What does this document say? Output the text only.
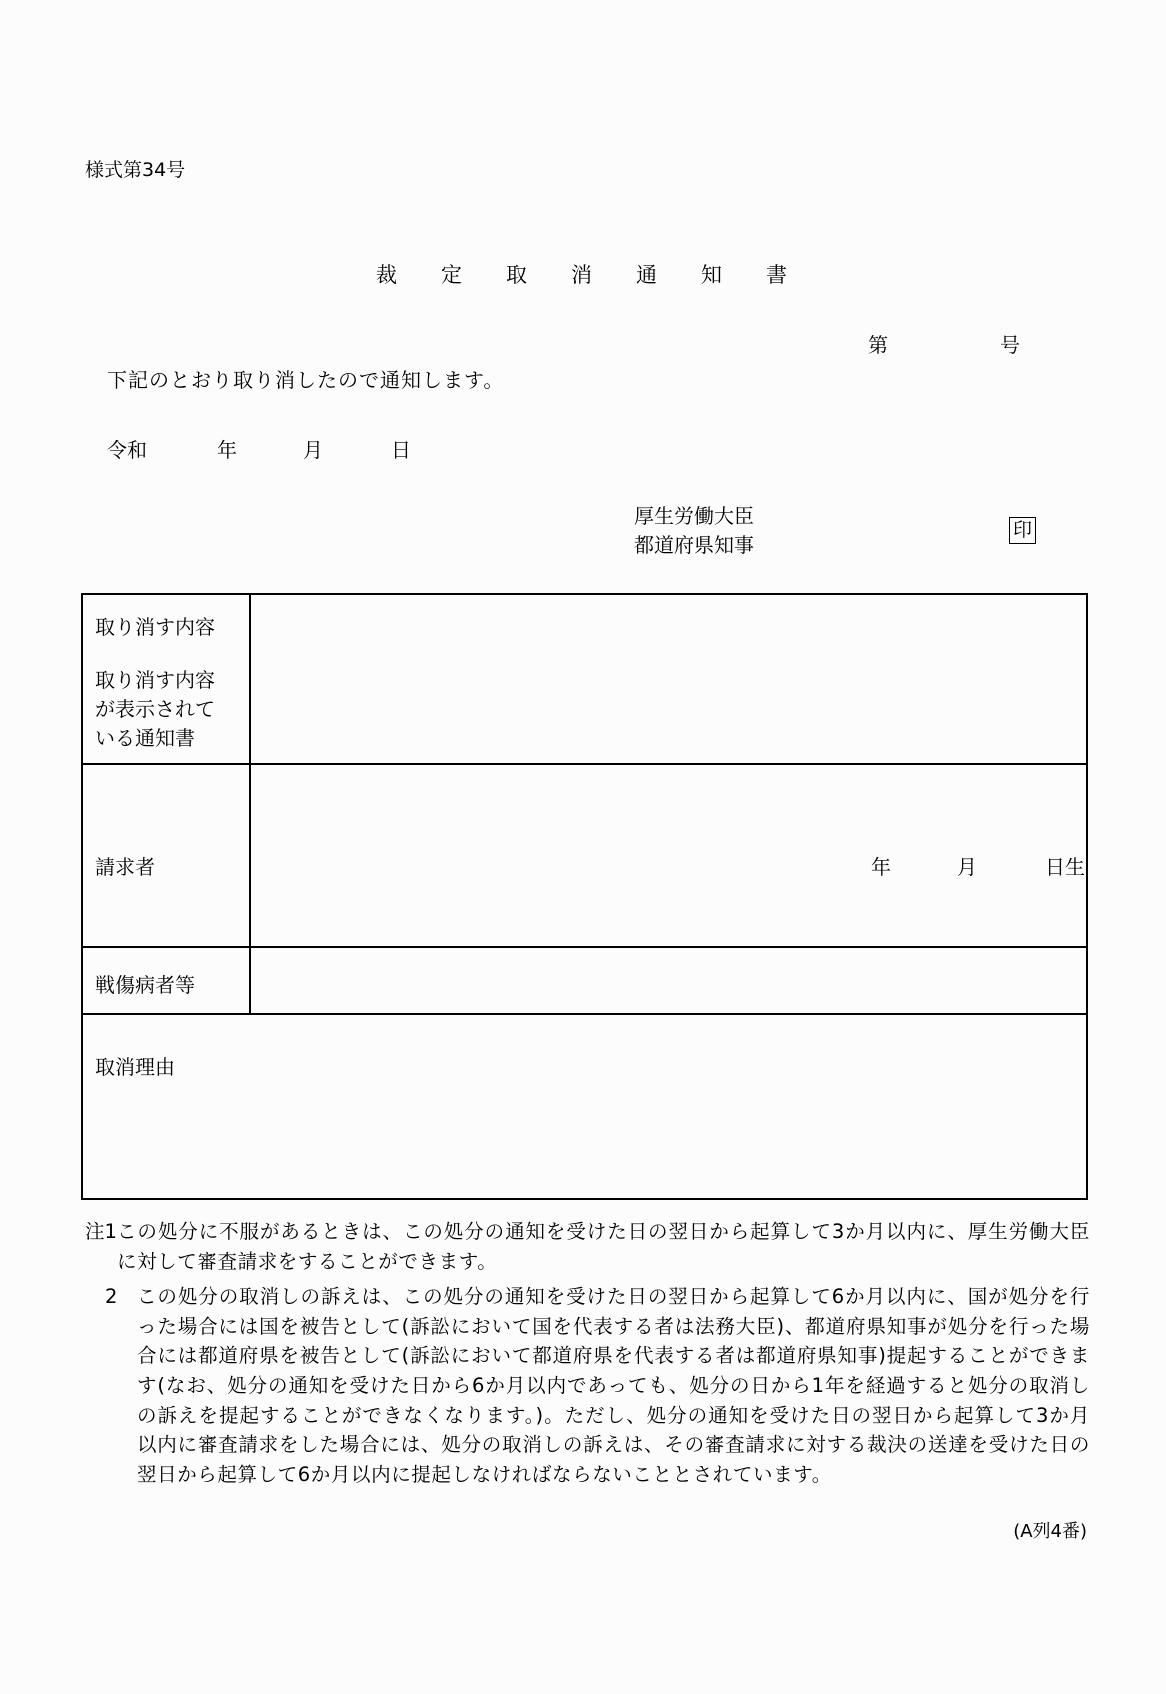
様式第34号
裁	定	取	消	通	知	書
第	号
下記のとおり取り消したので通知します。
令和	年	月	日
厚生労働大臣
都道府県知事
印
取り消す内容
取り消す内容
が表示されて
いる通知書	

請求者	年 月 日生

戦傷病者等	

取消理由	
注1 この処分に不服があるときは、この処分の通知を受けた日の翌日から起算して3か月以内に、厚生労働大臣に対して審査請求をすることができます。
2	この処分の取消しの訴えは、この処分の通知を受けた日の翌日から起算して6か月以内に、国が処分を行った場合には国を被告として(訴訟において国を代表する者は法務大臣)、都道府県知事が処分を行った場合には都道府県を被告として(訴訟において都道府県を代表する者は都道府県知事)提起することができます(なお、処分の通知を受けた日から6か月以内であっても、処分の日から1年を経過すると処分の取消しの訴えを提起することができなくなります。)。ただし、処分の通知を受けた日の翌日から起算して3か月以内に審査請求をした場合には、処分の取消しの訴えは、その審査請求に対する裁決の送達を受けた日の翌日から起算して6か月以内に提起しなければならないこととされています。
(A列4番)
